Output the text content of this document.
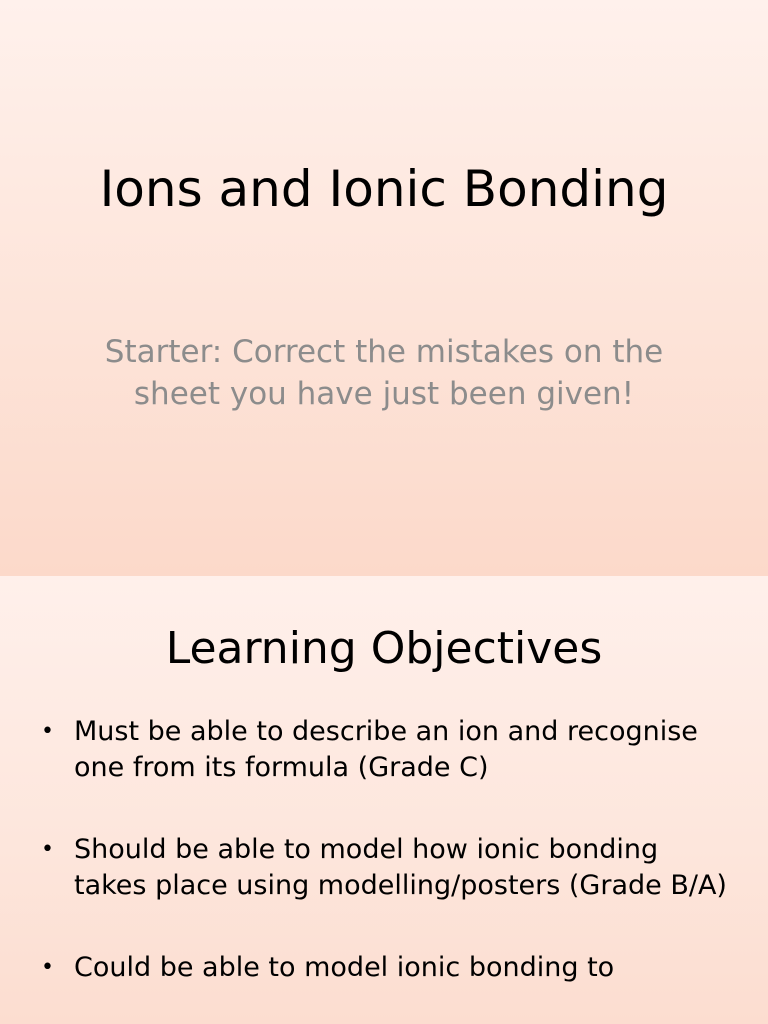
Ions and Ionic Bonding
Starter: Correct the mistakes on the sheet you have just been given!
Learning Objectives
• Must be able to describe an ion and recognise one from its formula (Grade C)
• Should be able to model how ionic bonding takes place using modelling/posters (Grade B/A)
• Could be able to model ionic bonding to
